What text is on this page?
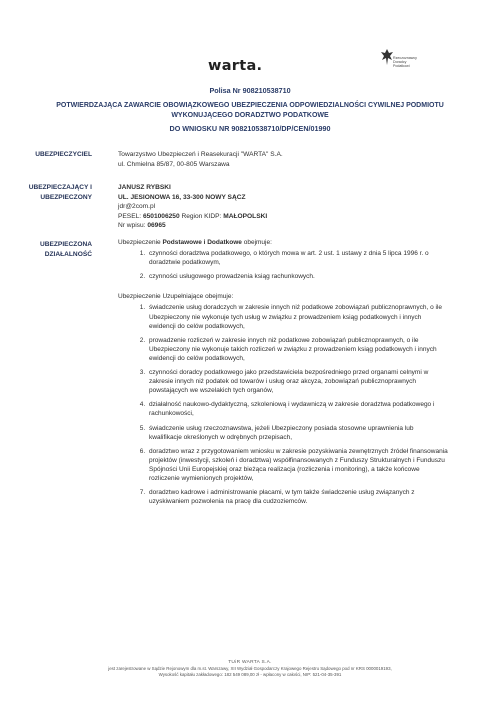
warta.	Rzeczoznawcy Doradcy Podatkowi
Polisa Nr 908210538710
POTWIERDZAJĄCA ZAWARCIE OBOWIĄZKOWEGO UBEZPIECZENIA ODPOWIEDZIALNOŚCI CYWILNEJ PODMIOTU WYKONUJĄCEGO DORADZTWO PODATKOWE
DO WNIOSKU NR 908210538710/DP/CEN/01990
UBEZPIECZYCIEL	Towarzystwo Ubezpieczeń i Reasekuracji "WARTA" S.A.
ul. Chmielna 85/87, 00-805 Warszawa
UBEZPIECZAJĄCY I
UBEZPIECZONY
JANUSZ RYBSKI
UL. JESIONOWA 16, 33-300 NOWY SĄCZ
jdr@2com.pl
PESEL: 6501006250 Region KIDP: MAŁOPOLSKI
Nr wpisu: 06965
UBEZPIECZONA
DZIAŁALNOŚĆ

Ubezpieczenie Podstawowe i Dodatkowe obejmuje:

1. czynności doradztwa podatkowego, o których mowa w art. 2 ust. 1 ustawy z dnia 5 lipca 1996 r. o doradztwie podatkowym,
2. czynności usługowego prowadzenia ksiąg rachunkowych.

Ubezpieczenie Uzupełniające obejmuje:

1. świadczenie usług doradczych w zakresie innych niż podatkowe zobowiązań publicznoprawnych, o ile Ubezpieczony nie wykonuje tych usług w związku z prowadzeniem ksiąg podatkowych i innych ewidencji do celów podatkowych,
2. prowadzenie rozliczeń w zakresie innych niż podatkowe zobowiązań publicznoprawnych, o ile Ubezpieczony nie wykonuje takich rozliczeń w związku z prowadzeniem ksiąg podatkowych i innych ewidencji do celów podatkowych,
3. czynności doradcy podatkowego jako przedstawiciela bezpośredniego przed organami celnymi w zakresie innych niż podatek od towarów i usług oraz akcyza, zobowiązań publicznoprawnych powstających we wszelakich tych organów,
4. działalność naukowo-dydaktyczną, szkoleniową i wydawniczą w zakresie doradztwa podatkowego i rachunkowości,
5. świadczenie usług rzeczoznawstwa, jeżeli Ubezpieczony posiada stosowne uprawnienia lub kwalifikacje określonych w odrębnych przepisach,
6. doradztwo wraz z przygotowaniem wniosku w zakresie pozyskiwania zewnętrznych źródeł finansowania projektów (inwestycji, szkoleń i doradztwa) współfinansowanych z Funduszy Strukturalnych i Funduszu Spójności Unii Europejskiej oraz bieżąca realizacja (rozliczenia i monitoring), a także końcowe rozliczenie wymienionych projektów,
7. doradztwo kadrowe i administrowanie płacami, w tym także świadczenie usług związanych z uzyskiwaniem pozwolenia na pracę dla cudzoziemców.
TUiR WARTA S.A.
jest zarejestrowane w Sądzie Rejonowym dla m.st. Warszawy, XII Wydział Gospodarczy Krajowego Rejestru Sądowego pod nr KRS 0000019193,
Wysokość kapitału zakładowego: 182 549 089,00 zł - wpłacony w całości, NIP: 521-04-35-391
